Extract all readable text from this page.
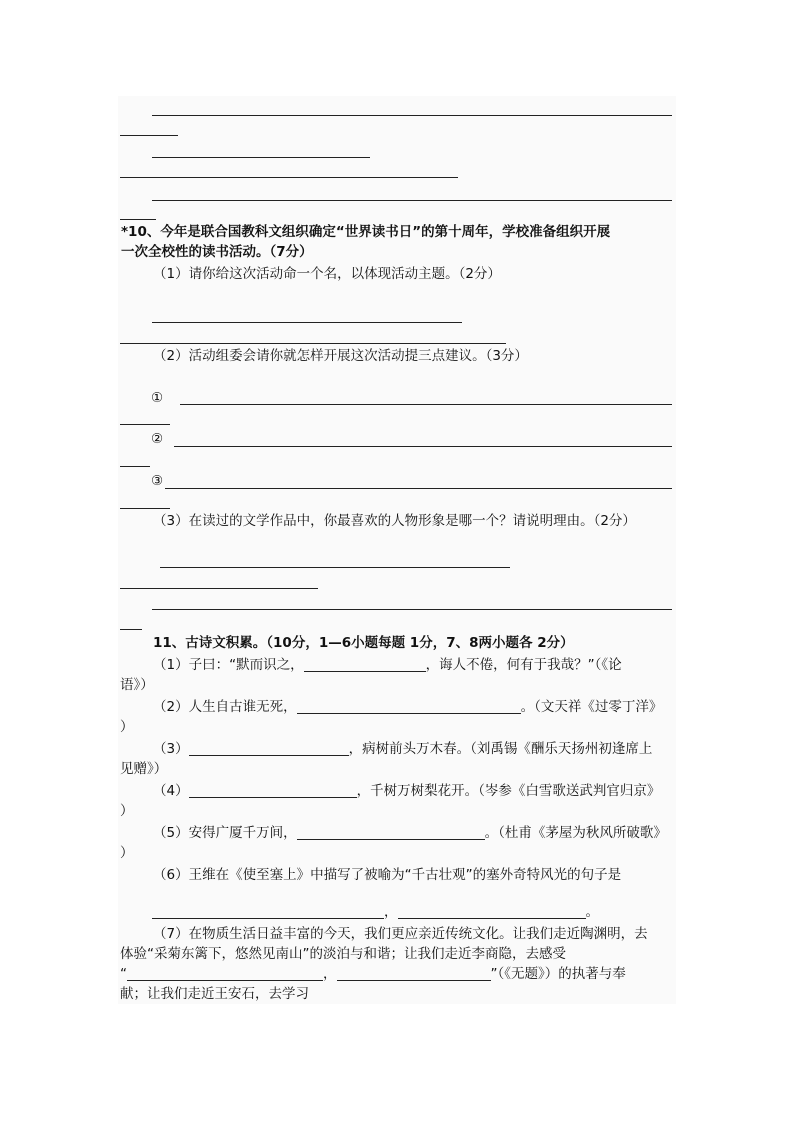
*10、今年是联合国教科文组织确定“世界读书日”的第十周年，学校准备组织开展
一次全校性的读书活动。（7分）
（1）请你给这次活动命一个名，以体现活动主题。（2分）
（2）活动组委会请你就怎样开展这次活动提三点建议。（3分）
①
②
③
（3）在读过的文学作品中，你最喜欢的人物形象是哪一个？请说明理由。（2分）
11、古诗文积累。（10分，1—6小题每题 1分，7、8两小题各 2分）
（1）子曰：“默而识之，	，诲人不倦，何有于我哉？”（《论
语》）
（2）人生自古谁无死，	。（文天祥《过零丁洋》
）
（3）	，病树前头万木春。（刘禹锡《酬乐天扬州初逢席上
见赠》）
（4）	，千树万树梨花开。（岑参《白雪歌送武判官归京》
）
（5）安得广厦千万间，	。（杜甫《茅屋为秋风所破歌》
）
（6）王维在《使至塞上》中描写了被喻为“千古壮观”的塞外奇特风光的句子是
，	。
（7）在物质生活日益丰富的今天，我们更应亲近传统文化。让我们走近陶渊明，去
体验“采菊东篱下，悠然见南山”的淡泊与和谐；让我们走近李商隐，去感受
“	，	”（《无题》）的执著与奉
献；让我们走近王安石，去学习
